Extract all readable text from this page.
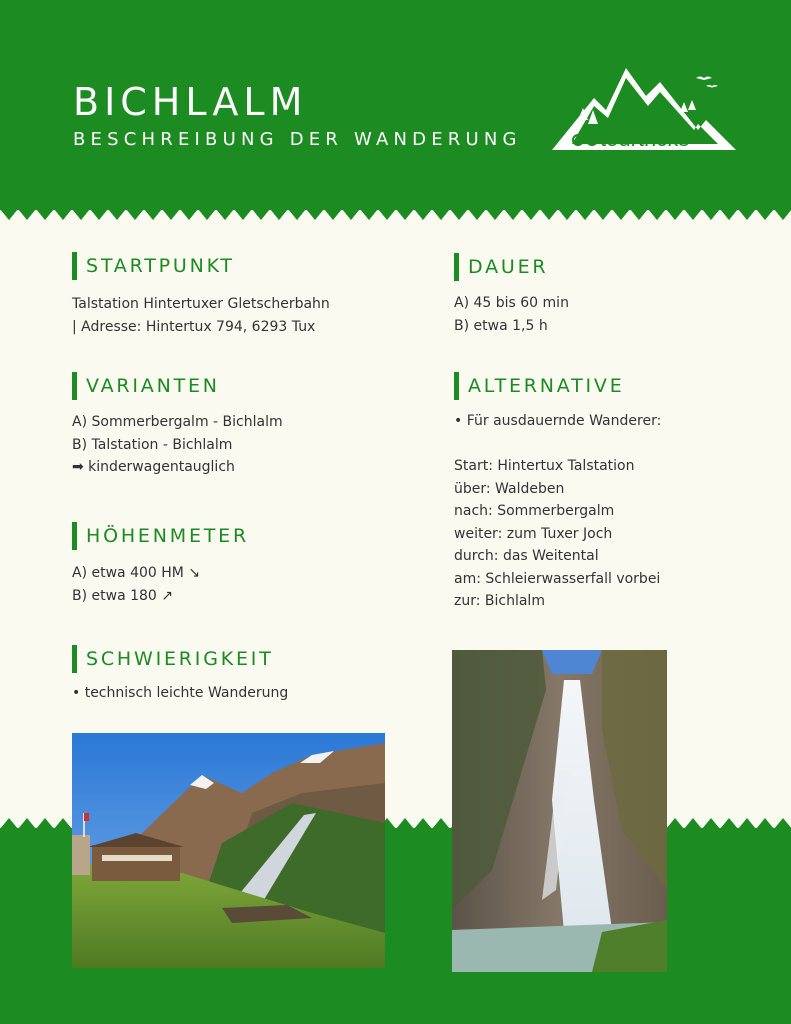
BICHLALM

BESCHREIBUNG DER WANDERUNG	tourtricks
STARTPUNKT
Talstation Hintertuxer Gletscherbahn
| Adresse: Hintertux 794, 6293 Tux
VARIANTEN
A) Sommerbergalm - Bichlalm
B) Talstation - Bichlalm
➡ kinderwagentauglich
HÖHENMETER
A) etwa 400 HM ↘
B) etwa 180 ↗
SCHWIERIGKEIT
• technisch leichte Wanderung
DAUER
A) 45 bis 60 min
B) etwa 1,5 h
ALTERNATIVE
• Für ausdauernde Wanderer:
Start: Hintertux Talstation
über: Waldeben
nach: Sommerbergalm
weiter: zum Tuxer Joch
durch: das Weitental
am: Schleierwasserfall vorbei
zur: Bichlalm
